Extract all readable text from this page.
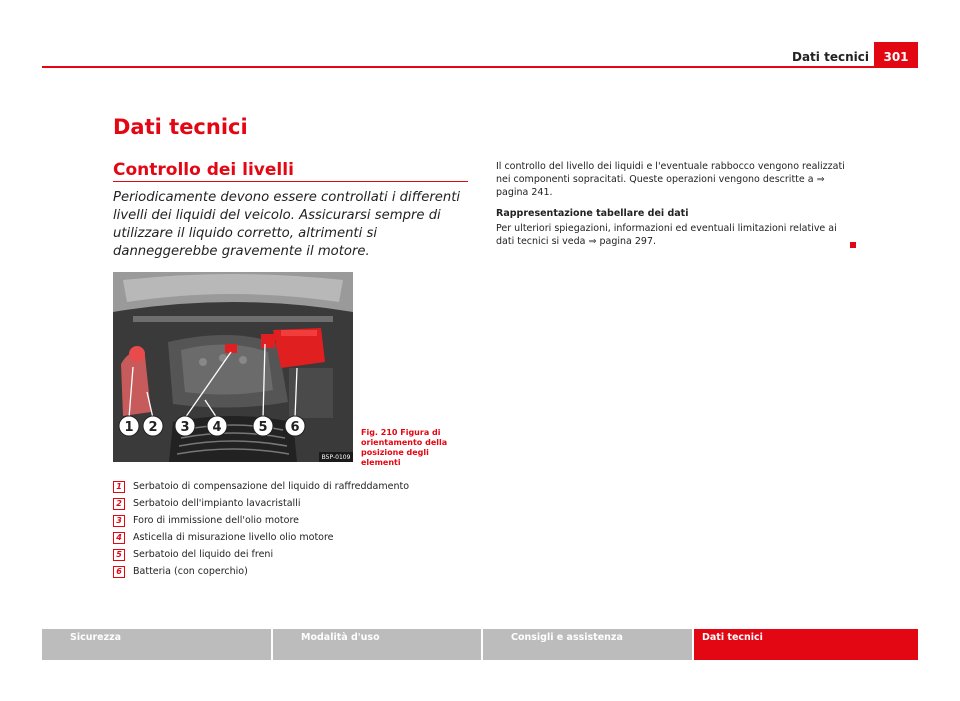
Dati tecnici	301
Dati tecnici
Controllo dei livelli
Periodicamente devono essere controllati i differenti livelli dei liquidi del veicolo. Assicurarsi sempre di utilizzare il liquido corretto, altrimenti si danneggerebbe gravemente il motore.
1 2 3 4	5 6
B5P-0109
Fig. 210 Figura di orientamento della posizione degli elementi
1	Serbatoio di compensazione del liquido di raffreddamento
2	Serbatoio dell'impianto lavacristalli
3	Foro di immissione dell'olio motore
4	Asticella di misurazione livello olio motore
5	Serbatoio del liquido dei freni
6	Batteria (con coperchio)

Il controllo del livello dei liquidi e l'eventuale rabbocco vengono realizzati nei componenti sopracitati. Queste operazioni vengono descritte a ⇒ pagina 241.

Rappresentazione tabellare dei dati

Per ulteriori spiegazioni, informazioni ed eventuali limitazioni relative ai dati tecnici si veda ⇒ pagina 297.

Sicurezza	Modalità d'uso	Consigli e assistenza	Dati tecnici
